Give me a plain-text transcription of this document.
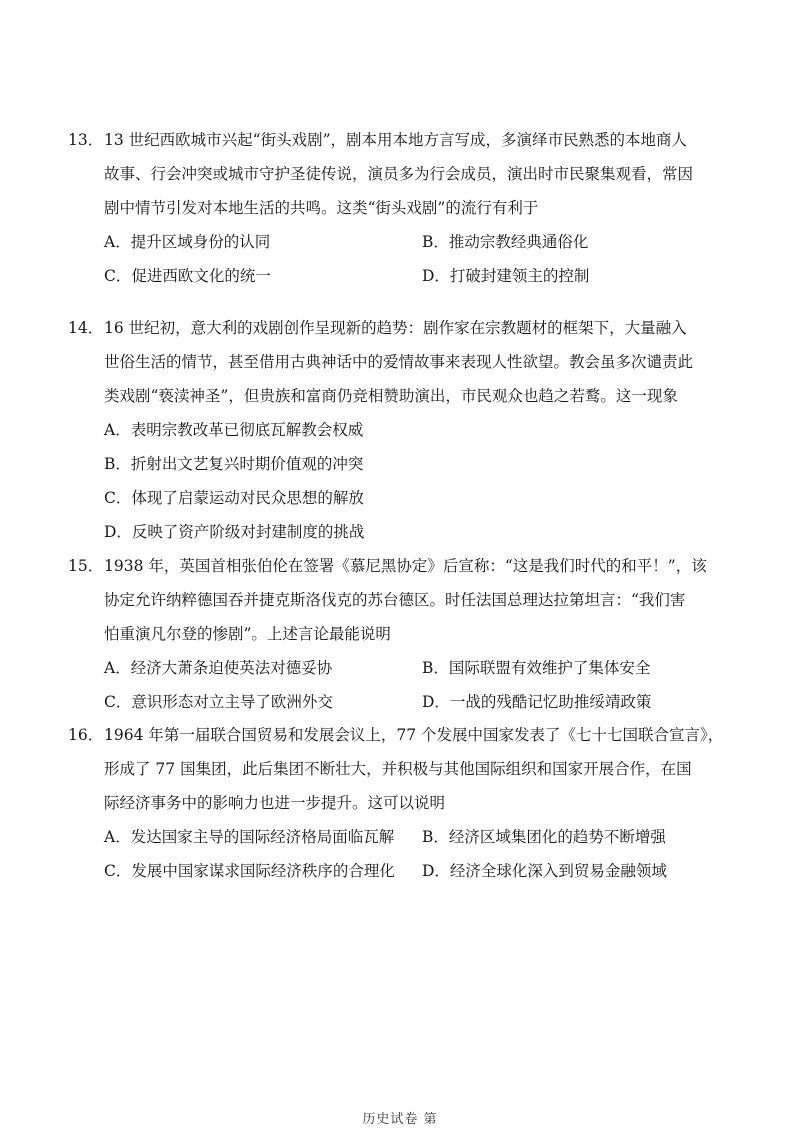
13．13 世纪西欧城市兴起“街头戏剧”，剧本用本地方言写成，多演绎市民熟悉的本地商人
故事、行会冲突或城市守护圣徒传说，演员多为行会成员，演出时市民聚集观看，常因
剧中情节引发对本地生活的共鸣。这类“街头戏剧”的流行有利于

A．提升区域身份的认同	B．推动宗教经典通俗化
C．促进西欧文化的统一	D．打破封建领主的控制

14．16 世纪初，意大利的戏剧创作呈现新的趋势：剧作家在宗教题材的框架下，大量融入
世俗生活的情节，甚至借用古典神话中的爱情故事来表现人性欲望。教会虽多次谴责此
类戏剧“亵渎神圣”，但贵族和富商仍竞相赞助演出，市民观众也趋之若鹜。这一现象

A．表明宗教改革已彻底瓦解教会权威
B．折射出文艺复兴时期价值观的冲突
C．体现了启蒙运动对民众思想的解放
D．反映了资产阶级对封建制度的挑战

15．1938 年，英国首相张伯伦在签署《慕尼黑协定》后宣称：“这是我们时代的和平！”，该
协定允许纳粹德国吞并捷克斯洛伐克的苏台德区。时任法国总理达拉第坦言：“我们害
怕重演凡尔登的惨剧”。上述言论最能说明

A．经济大萧条迫使英法对德妥协	B．国际联盟有效维护了集体安全
C．意识形态对立主导了欧洲外交	D．一战的残酷记忆助推绥靖政策

16．1964 年第一届联合国贸易和发展会议上，77 个发展中国家发表了《七十七国联合宣言》，
形成了 77 国集团，此后集团不断壮大，并积极与其他国际组织和国家开展合作，在国
际经济事务中的影响力也进一步提升。这可以说明

A．发达国家主导的国际经济格局面临瓦解	B．经济区域集团化的趋势不断增强
C．发展中国家谋求国际经济秩序的合理化	D．经济全球化深入到贸易金融领域
历史试卷 第
